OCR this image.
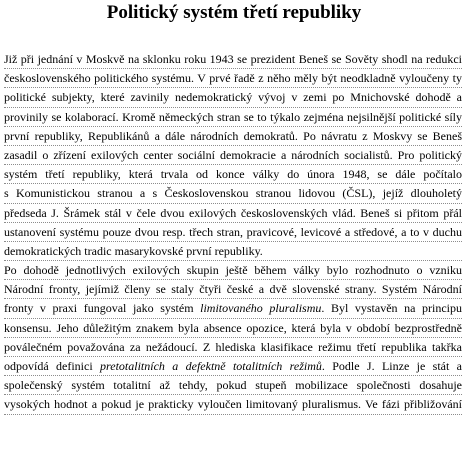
Politický systém třetí republiky
Již při jednání v Moskvě na sklonku roku 1943 se prezident Beneš se Sověty shodl na redukci
československého politického systému. V prvé řadě z něho měly být neodkladně vyloučeny ty
politické subjekty, které zavinily nedemokratický vývoj v zemi po Mnichovské dohodě a
provinily se kolaborací. Kromě německých stran se to týkalo zejména nejsilnější politické síly
první republiky, Republikánů a dále národních demokratů. Po návratu z Moskvy se Beneš
zasadil o zřízení exilových center sociální demokracie a národních socialistů. Pro politický
systém třetí republiky, která trvala od konce války do února 1948, se dále počítalo
s Komunistickou stranou a s Československou stranou lidovou (ČSL), jejíž dlouholetý
předseda J. Šrámek stál v čele dvou exilových československých vlád. Beneš si přitom přál
ustanovení systému pouze dvou resp. třech stran, pravicové, levicové a středové, a to v duchu
demokratických tradic masarykovské první republiky.
Po dohodě jednotlivých exilových skupin ještě během války bylo rozhodnuto o vzniku
Národní fronty, jejímiž členy se staly čtyři české a dvě slovenské strany. Systém Národní
fronty v praxi fungoval jako systém limitovaného pluralismu. Byl vystavěn na principu
konsensu. Jeho důležitým znakem byla absence opozice, která byla v období bezprostředně
poválečném považována za nežádoucí. Z hlediska klasifikace režimu třetí republika takřka
odpovídá definici pretotalitních a defektně totalitních režimů. Podle J. Linze je stát a
společenský systém totalitní až tehdy, pokud stupeň mobilizace společnosti dosahuje
vysokých hodnot a pokud je prakticky vyloučen limitovaný pluralismus. Ve fázi přibližování
